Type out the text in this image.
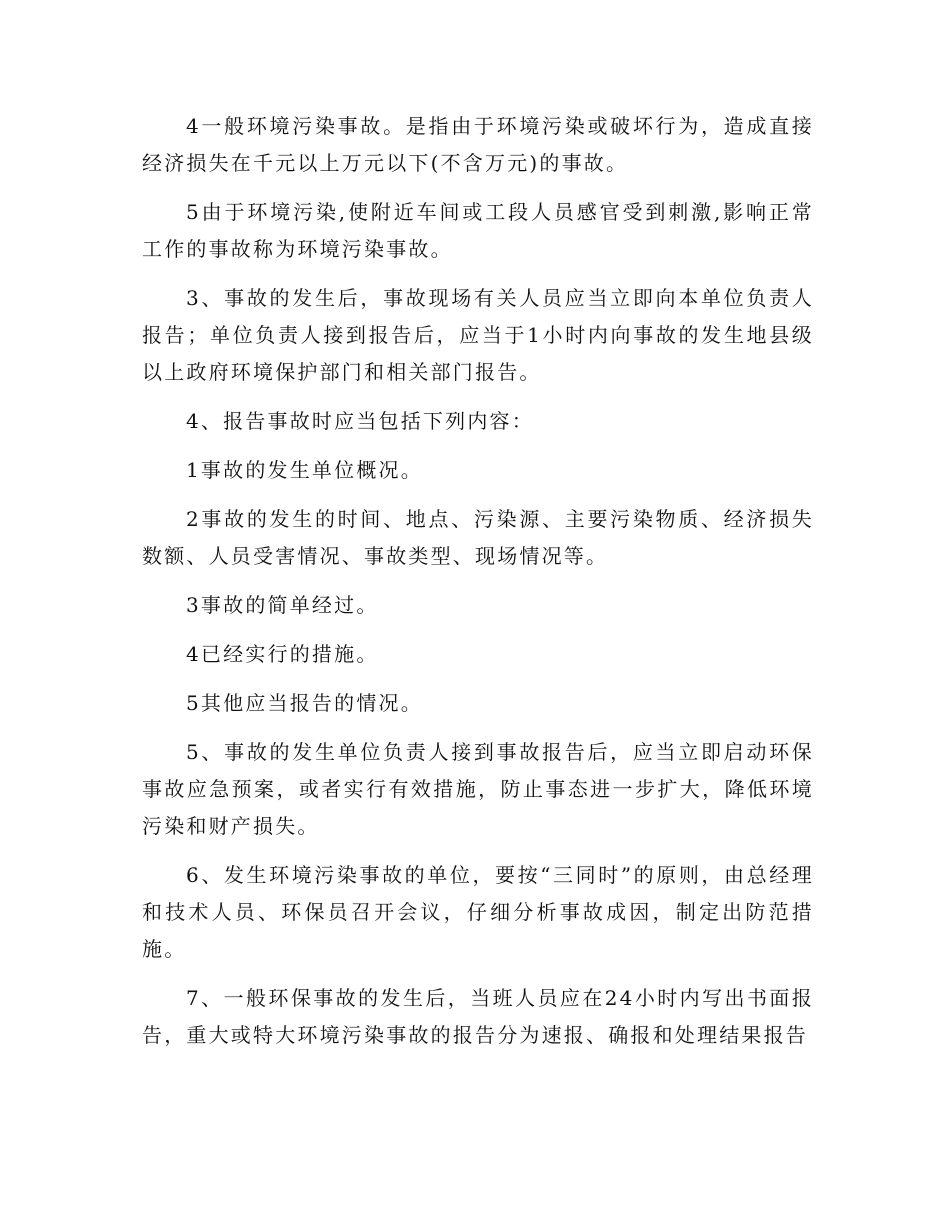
4一般环境污染事故。是指由于环境污染或破坏行为，造成直接经济损失在千元以上万元以下(不含万元)的事故。

5由于环境污染,使附近车间或工段人员感官受到刺激,影响正常工作的事故称为环境污染事故。

3、事故的发生后，事故现场有关人员应当立即向本单位负责人报告；单位负责人接到报告后，应当于1小时内向事故的发生地县级以上政府环境保护部门和相关部门报告。

4、报告事故时应当包括下列内容：

1事故的发生单位概况。

2事故的发生的时间、地点、污染源、主要污染物质、经济损失数额、人员受害情况、事故类型、现场情况等。

3事故的简单经过。

4已经实行的措施。

5其他应当报告的情况。

5、事故的发生单位负责人接到事故报告后，应当立即启动环保事故应急预案，或者实行有效措施，防止事态进一步扩大，降低环境污染和财产损失。

6、发生环境污染事故的单位，要按“三同时”的原则，由总经理和技术人员、环保员召开会议，仔细分析事故成因，制定出防范措施。

7、一般环保事故的发生后，当班人员应在24小时内写出书面报告，重大或特大环境污染事故的报告分为速报、确报和处理结果报告
